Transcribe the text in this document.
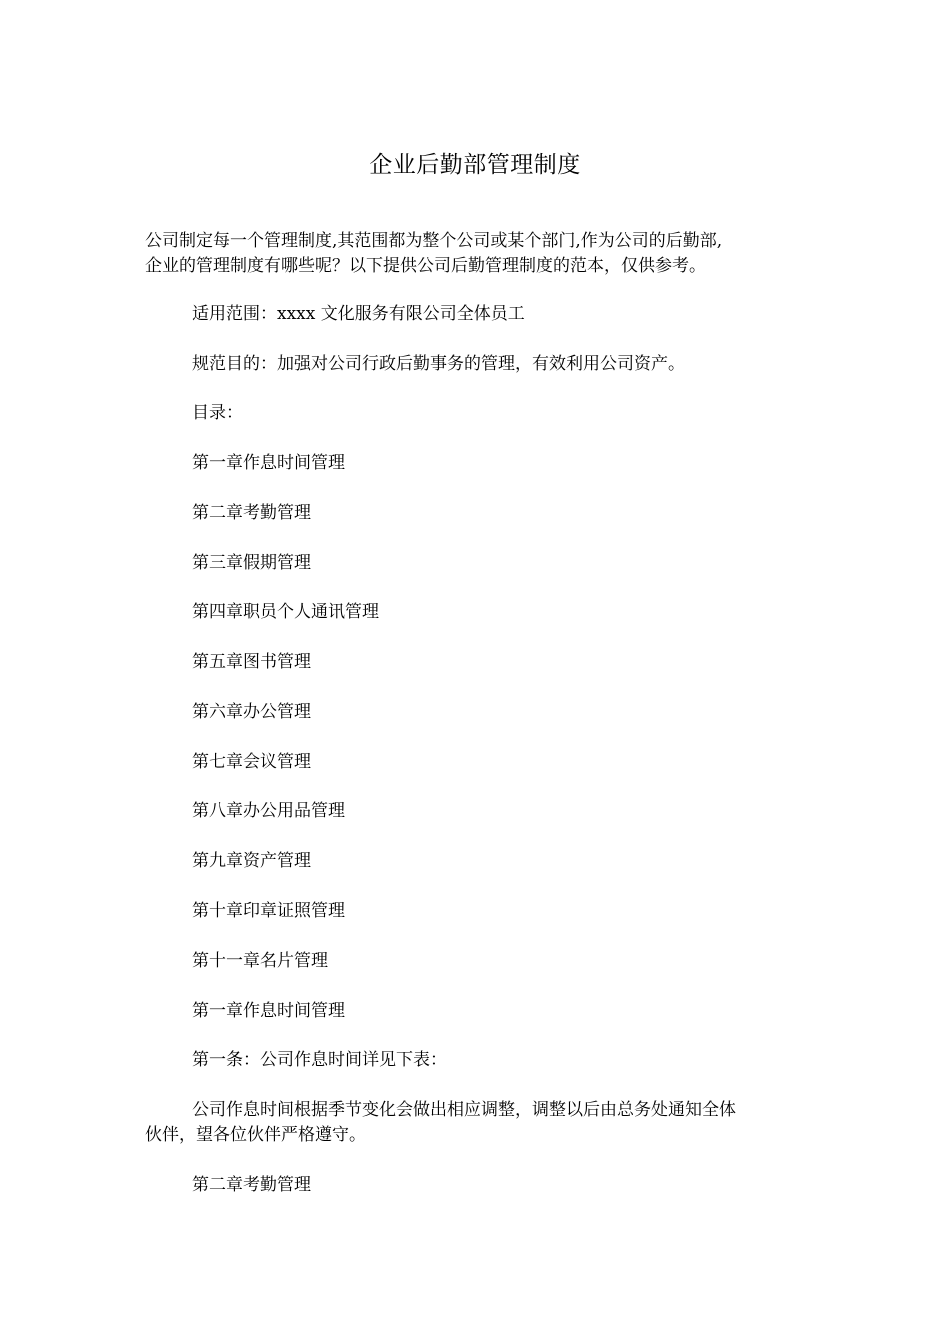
企业后勤部管理制度

公司制定每一个管理制度,其范围都为整个公司或某个部门,作为公司的后勤部,

企业的管理制度有哪些呢？以下提供公司后勤管理制度的范本，仅供参考。

适用范围：xxxx 文化服务有限公司全体员工
规范目的：加强对公司行政后勤事务的管理，有效利用公司资产。
目录：
第一章作息时间管理
第二章考勤管理
第三章假期管理
第四章职员个人通讯管理
第五章图书管理
第六章办公管理
第七章会议管理
第八章办公用品管理
第九章资产管理
第十章印章证照管理
第十一章名片管理
第一章作息时间管理
第一条：公司作息时间详见下表：
公司作息时间根据季节变化会做出相应调整，调整以后由总务处通知全体
伙伴，望各位伙伴严格遵守。
第二章考勤管理
